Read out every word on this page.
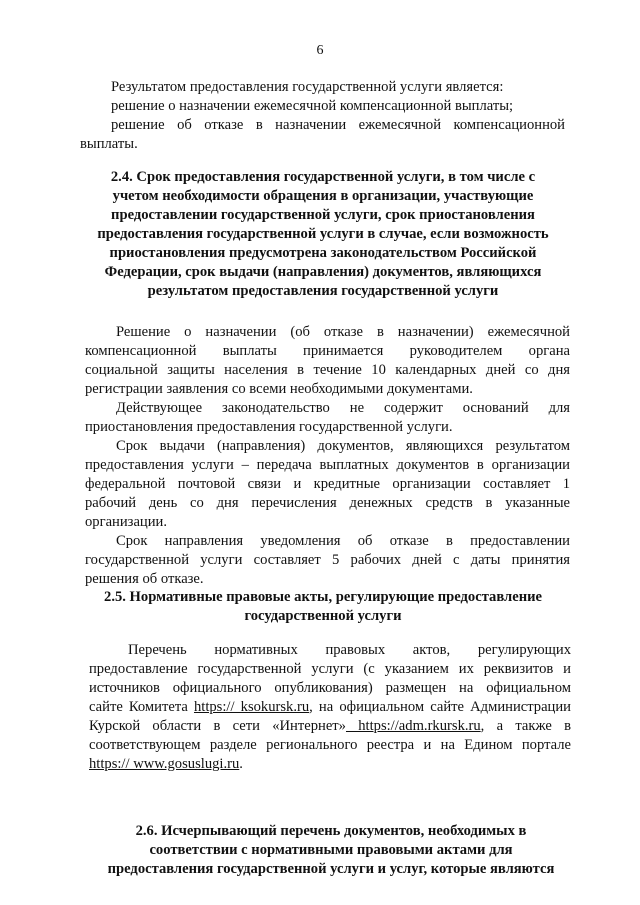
6

Результатом предоставления государственной услуги является:

решение о назначении ежемесячной компенсационной выплаты;

решение об отказе в назначении ежемесячной компенсационной

выплаты.

2.4. Срок предоставления государственной услуги, в том числе с
учетом необходимости обращения в организации, участвующие
предоставлении государственной услуги, срок приостановления
предоставления государственной услуги в случае, если возможность
приостановления предусмотрена законодательством Российской
Федерации, срок выдачи (направления) документов, являющихся
результатом предоставления государственной услуги

Решение о назначении (об отказе в назначении) ежемесячной

компенсационной выплаты принимается руководителем органа

социальной защиты населения в течение 10 календарных дней со дня

регистрации заявления со всеми необходимыми документами.

Действующее законодательство не содержит оснований для

приостановления предоставления государственной услуги.

Срок выдачи (направления) документов, являющихся результатом

предоставления услуги – передача выплатных документов в организации

федеральной почтовой связи и кредитные организации составляет 1

рабочий день со дня перечисления денежных средств в указанные

организации.

Срок направления уведомления об отказе в предоставлении

государственной услуги составляет 5 рабочих дней с даты принятия

решения об отказе.

2.5. Нормативные правовые акты, регулирующие предоставление
государственной услуги

Перечень нормативных правовых актов, регулирующих

предоставление государственной услуги (с указанием их реквизитов и

источников официального опубликования) размещен на официальном

сайте Комитета https:// ksokursk.ru, на официальном сайте Администрации

Курской области в сети «Интернет» https://adm.rkursk.ru, а также в

соответствующем разделе регионального реестра и на Едином портале

https:// www.gosuslugi.ru.

2.6. Исчерпывающий перечень документов, необходимых в
соответствии с нормативными правовыми актами для
предоставления государственной услуги и услуг, которые являются
